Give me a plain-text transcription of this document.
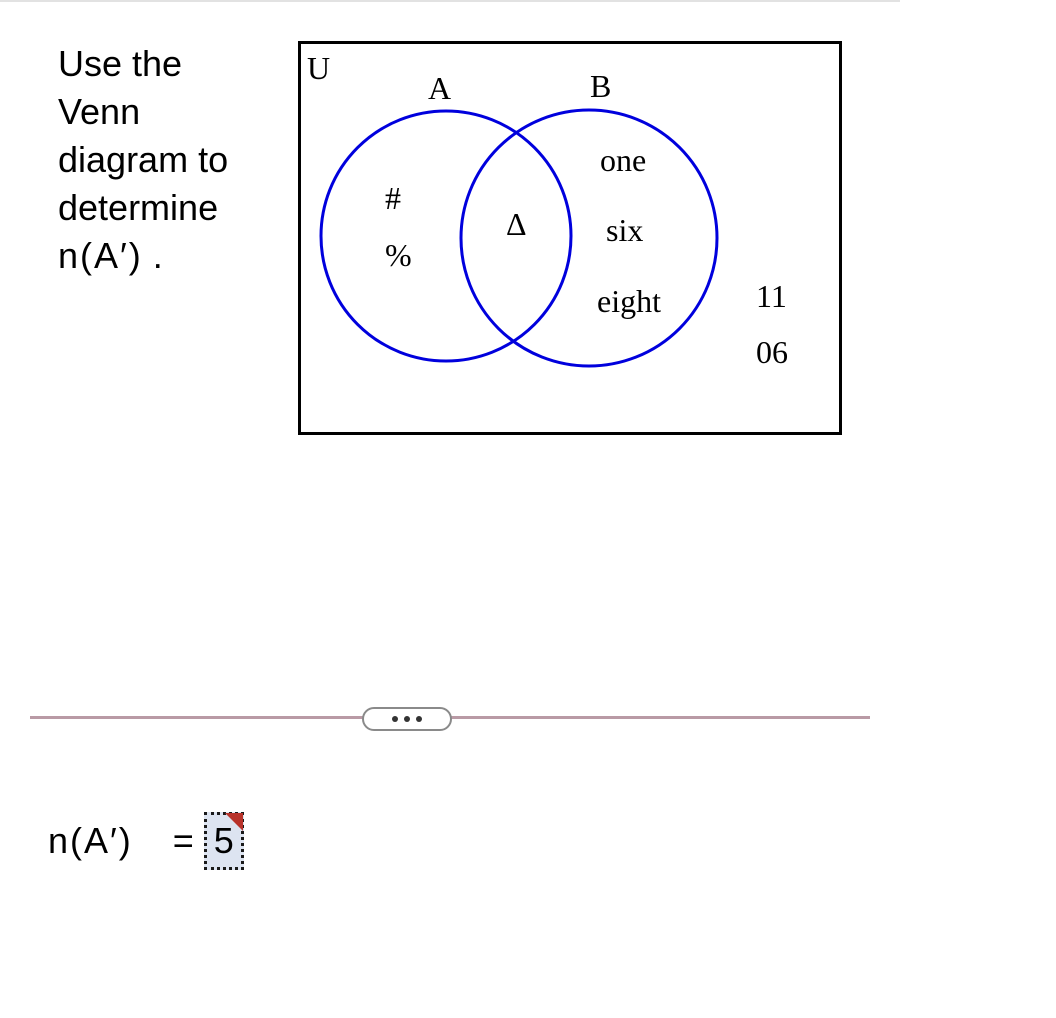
Use the
Venn
diagram to
determine
n(A′) .
U
A	B
#
%
Δ
one
six
eight	11
06
n(A′) = 5
